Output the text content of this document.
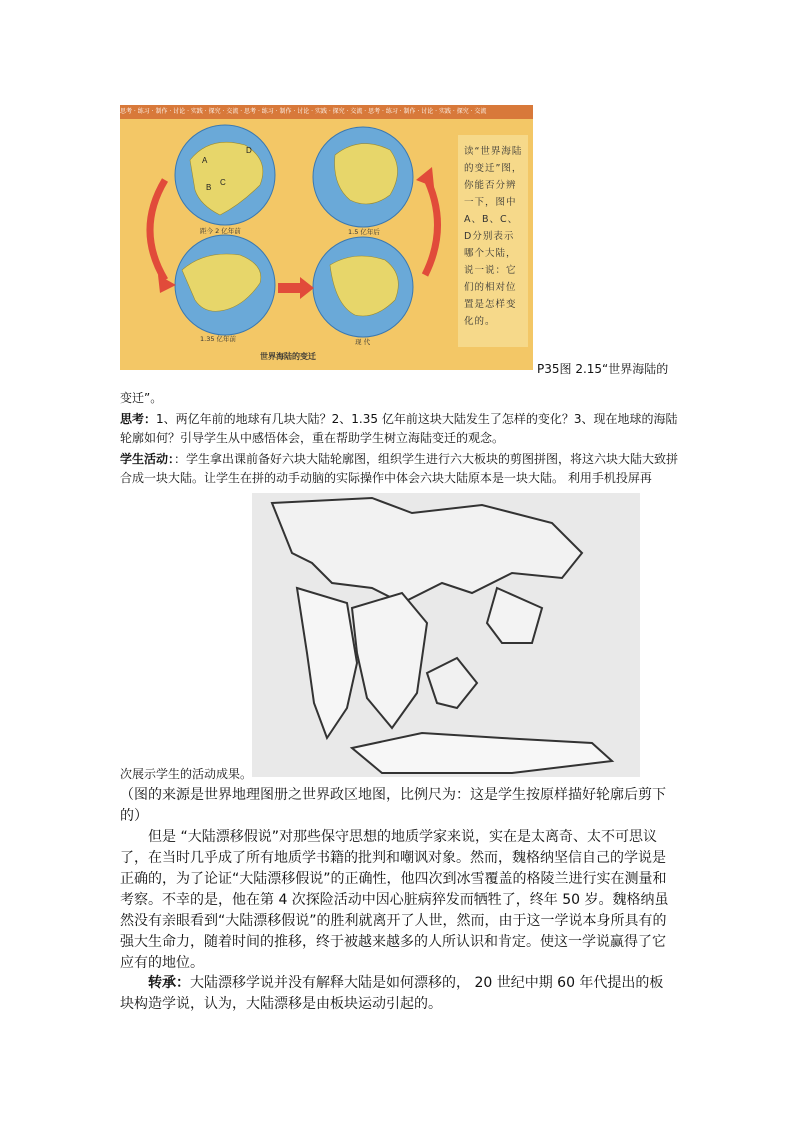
思考 · 练习 · 制作 · 讨论 · 实践 · 探究 · 交流 · 思考 · 练习 · 制作 · 讨论 · 实践 · 探究 · 交流 · 思考 · 练习 · 制作 · 讨论 · 实践 · 探究 · 交流
A
D
B
C
距今 2 亿年前	1.5 亿年后
1.35 亿年前	现 代
世界海陆的变迁
读“世界海陆的变迁”图，你能否分辨一下，图中A、B、C、D分别表示哪个大陆，说一说：它们的相对位置是怎样变化的。
P35图 2.15“世界海陆的
变迁”。
思考：1、两亿年前的地球有几块大陆？2、1.35 亿年前这块大陆发生了怎样的变化？3、现在地球的海陆轮廓如何？引导学生从中感悟体会，重在帮助学生树立海陆变迁的观念。
学生活动：：学生拿出课前备好六块大陆轮廓图，组织学生进行六大板块的剪图拼图，将这六块大陆大致拼合成一块大陆。让学生在拼的动手动脑的实际操作中体会六块大陆原本是一块大陆。 利用手机投屏再
次展示学生的活动成果。
（图的来源是世界地理图册之世界政区地图，比例尺为：这是学生按原样描好轮廓后剪下的）
但是 “大陆漂移假说”对那些保守思想的地质学家来说，实在是太离奇、太不可思议了，在当时几乎成了所有地质学书籍的批判和嘲讽对象。然而，魏格纳坚信自己的学说是正确的，为了论证“大陆漂移假说”的正确性，他四次到冰雪覆盖的格陵兰进行实在测量和考察。不幸的是，他在第 4 次探险活动中因心脏病猝发而牺牲了，终年 50 岁。魏格纳虽然没有亲眼看到“大陆漂移假说”的胜利就离开了人世，然而，由于这一学说本身所具有的强大生命力，随着时间的推移，终于被越来越多的人所认识和肯定。使这一学说赢得了它应有的地位。
转承：大陆漂移学说并没有解释大陆是如何漂移的， 20 世纪中期 60 年代提出的板块构造学说，认为，大陆漂移是由板块运动引起的。
